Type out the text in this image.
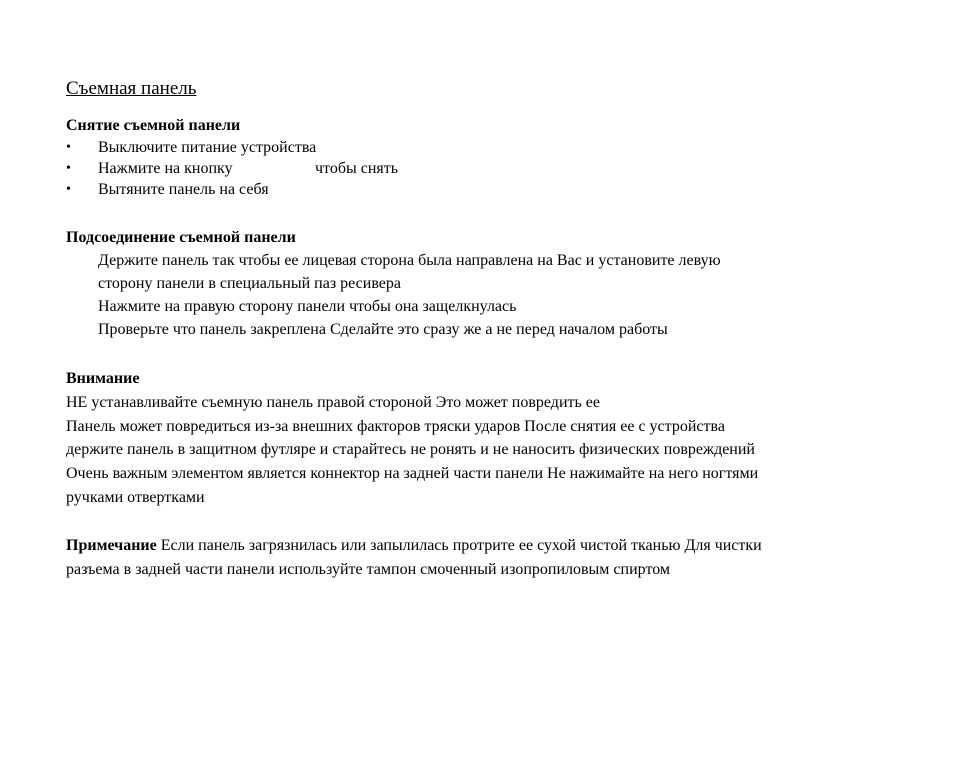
Съемная панель
Снятие съемной панели
• Выключите питание устройства
• Нажмите на кнопку	чтобы снять
• Вытяните панель на себя
Подсоединение съемной панели
Держите панель так чтобы ее лицевая сторона была направлена на Вас и установите левую
сторону панели в специальный паз ресивера
Нажмите на правую сторону панели чтобы она защелкнулась
Проверьте что панель закреплена Сделайте это сразу же а не перед началом работы
Внимание
НЕ устанавливайте съемную панель правой стороной Это может повредить ее
Панель может повредиться из-за внешних факторов тряски ударов После снятия ее с устройства
держите панель в защитном футляре и старайтесь не ронять и не наносить физических повреждений
Очень важным элементом является коннектор на задней части панели Не нажимайте на него ногтями
ручками отвертками
Примечание Если панель загрязнилась или запылилась протрите ее сухой чистой тканью Для чистки
разъема в задней части панели используйте тампон смоченный изопропиловым спиртом
